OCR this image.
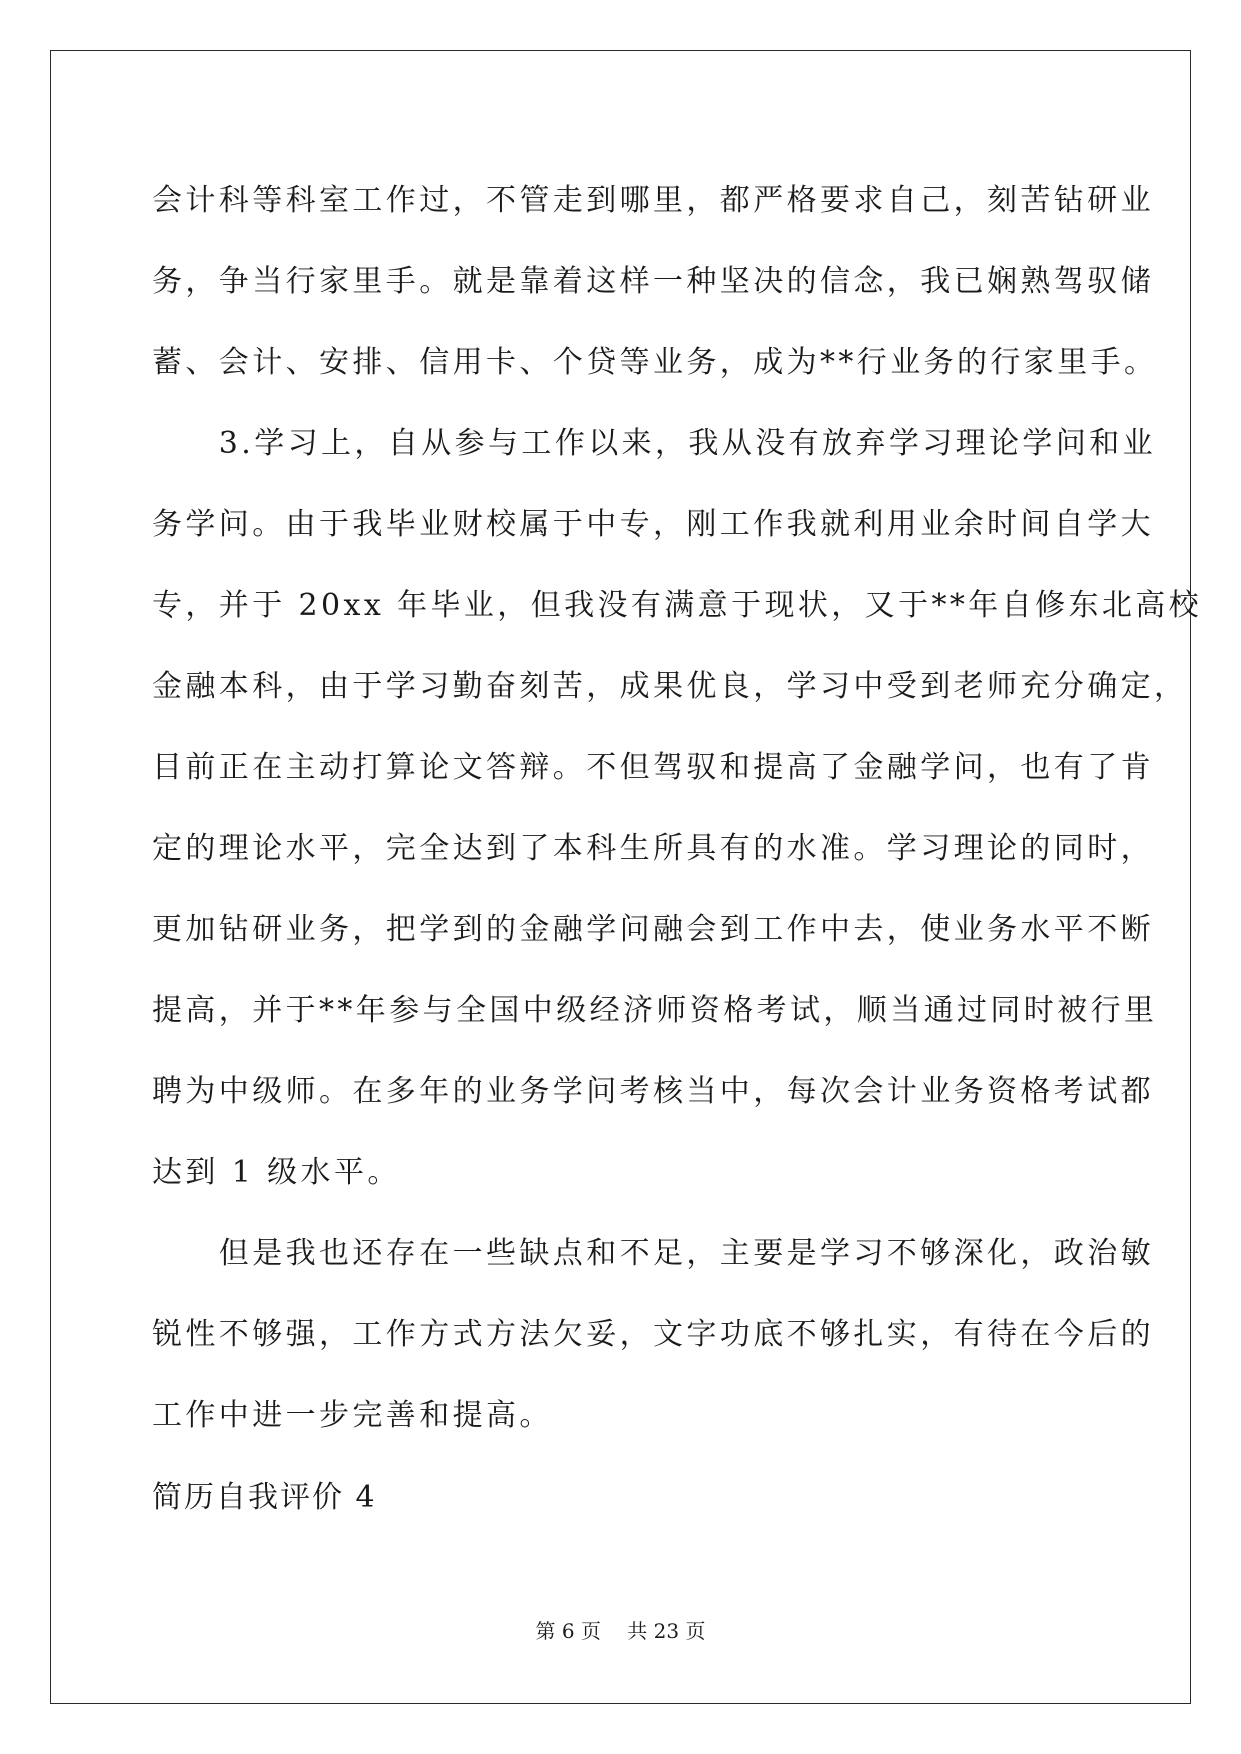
会计科等科室工作过，不管走到哪里，都严格要求自己，刻苦钻研业
务，争当行家里手。就是靠着这样一种坚决的信念，我已娴熟驾驭储
蓄、会计、安排、信用卡、个贷等业务，成为**行业务的行家里手。
　　3.学习上，自从参与工作以来，我从没有放弃学习理论学问和业
务学问。由于我毕业财校属于中专，刚工作我就利用业余时间自学大
专，并于 20xx 年毕业，但我没有满意于现状，又于**年自修东北高校
金融本科，由于学习勤奋刻苦，成果优良，学习中受到老师充分确定，
目前正在主动打算论文答辩。不但驾驭和提高了金融学问，也有了肯
定的理论水平，完全达到了本科生所具有的水准。学习理论的同时，
更加钻研业务，把学到的金融学问融会到工作中去，使业务水平不断
提高，并于**年参与全国中级经济师资格考试，顺当通过同时被行里
聘为中级师。在多年的业务学问考核当中，每次会计业务资格考试都
达到 1 级水平。
　　但是我也还存在一些缺点和不足，主要是学习不够深化，政治敏
锐性不够强，工作方式方法欠妥，文字功底不够扎实，有待在今后的
工作中进一步完善和提高。
简历自我评价 4
第 6 页　 共 23 页
